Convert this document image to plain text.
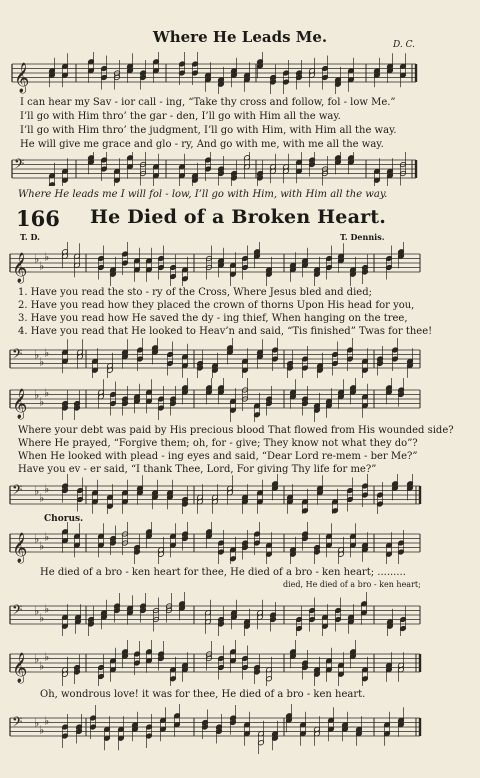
Where He Leads Me.	D. C.
𝄞
I can hear my Sav - ior call - ing, “Take thy cross and follow, fol - low Me.”
I’ll go with Him thro’ the gar - den, I’ll go with Him all the way.
I’ll go with Him thro’ the judgment, I’ll go with Him, with Him all the way.
He will give me grace and glo - ry, And go with me, with me all the way.
𝄢
Where He leads me I will fol - low, I’ll go with Him, with Him all the way.
166 He Died of a Broken Heart.
T. D.	T. Dennis.
𝄞 ♭
♭
♭
1. Have you read the sto - ry of the Cross, Where Jesus bled and died;
2. Have you read how they placed the crown of thorns Upon His head for you,
3. Have you read how He saved the dy - ing thief, When hanging on the tree,
4. Have you read that He looked to Heav’n and said, “Tis finished” Twas for thee!
𝄢 ♭
♭
♭
𝄞 ♭
♭
♭
Where your debt was paid by His precious blood That flowed from His wounded side?
Where He prayed, “Forgive them; oh, for - give; They know not what they do”?
When He looked with plead - ing eyes and said, “Dear Lord re-mem - ber Me?”
Have you ev - er said, “I thank Thee, Lord, For giving Thy life for me?”
𝄢 ♭
♭
♭
Chorus.
𝄞 ♭
♭
♭
He died of a bro - ken heart for thee, He died of a bro - ken heart; .........
died, He died of a bro - ken heart;
𝄢 ♭
♭
♭
𝄞 ♭
♭
♭
Oh, wondrous love! it was for thee, He died of a bro - ken heart.
𝄢 ♭
♭
♭
